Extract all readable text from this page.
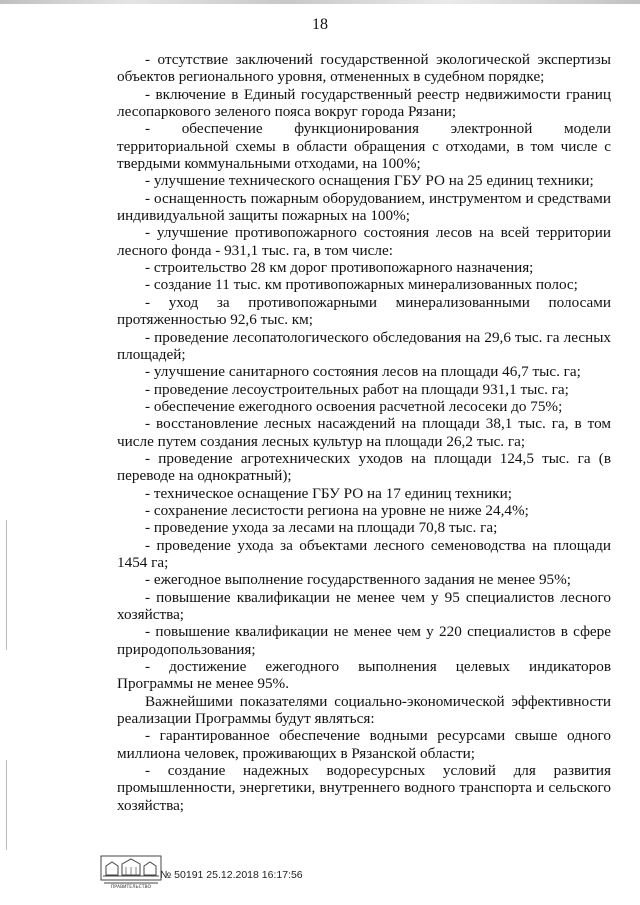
18

- отсутствие заключений государственной экологической экспертизы объектов регионального уровня, отмененных в судебном порядке;

- включение в Единый государственный реестр недвижимости границ лесопаркового зеленого пояса вокруг города Рязани;

- обеспечение функционирования электронной модели территориальной схемы в области обращения с отходами, в том числе с твердыми коммунальными отходами, на 100%;

- улучшение технического оснащения ГБУ РО на 25 единиц техники;

- оснащенность пожарным оборудованием, инструментом и средствами индивидуальной защиты пожарных на 100%;

- улучшение противопожарного состояния лесов на всей территории лесного фонда - 931,1 тыс. га, в том числе:

- строительство 28 км дорог противопожарного назначения;

- создание 11 тыс. км противопожарных минерализованных полос;

- уход за противопожарными минерализованными полосами протяженностью 92,6 тыс. км;

- проведение лесопатологического обследования на 29,6 тыс. га лесных площадей;

- улучшение санитарного состояния лесов на площади 46,7 тыс. га;

- проведение лесоустроительных работ на площади 931,1 тыс. га;

- обеспечение ежегодного освоения расчетной лесосеки до 75%;

- восстановление лесных насаждений на площади 38,1 тыс. га, в том числе путем создания лесных культур на площади 26,2 тыс. га;

- проведение агротехнических уходов на площади 124,5 тыс. га (в переводе на однократный);

- техническое оснащение ГБУ РО на 17 единиц техники;

- сохранение лесистости региона на уровне не ниже 24,4%;

- проведение ухода за лесами на площади 70,8 тыс. га;

- проведение ухода за объектами лесного семеноводства на площади 1454 га;

- ежегодное выполнение государственного задания не менее 95%;

- повышение квалификации не менее чем у 95 специалистов лесного хозяйства;

- повышение квалификации не менее чем у 220 специалистов в сфере природопользования;

- достижение ежегодного выполнения целевых индикаторов Программы не менее 95%.

Важнейшими показателями социально-экономической эффективности реализации Программы будут являться:

- гарантированное обеспечение водными ресурсами свыше одного миллиона человек, проживающих в Рязанской области;

- создание надежных водоресурсных условий для развития промышленности, энергетики, внутреннего водного транспорта и сельского хозяйства;

ПРАВИТЕЛЬСТВО
№ 50191 25.12.2018 16:17:56
